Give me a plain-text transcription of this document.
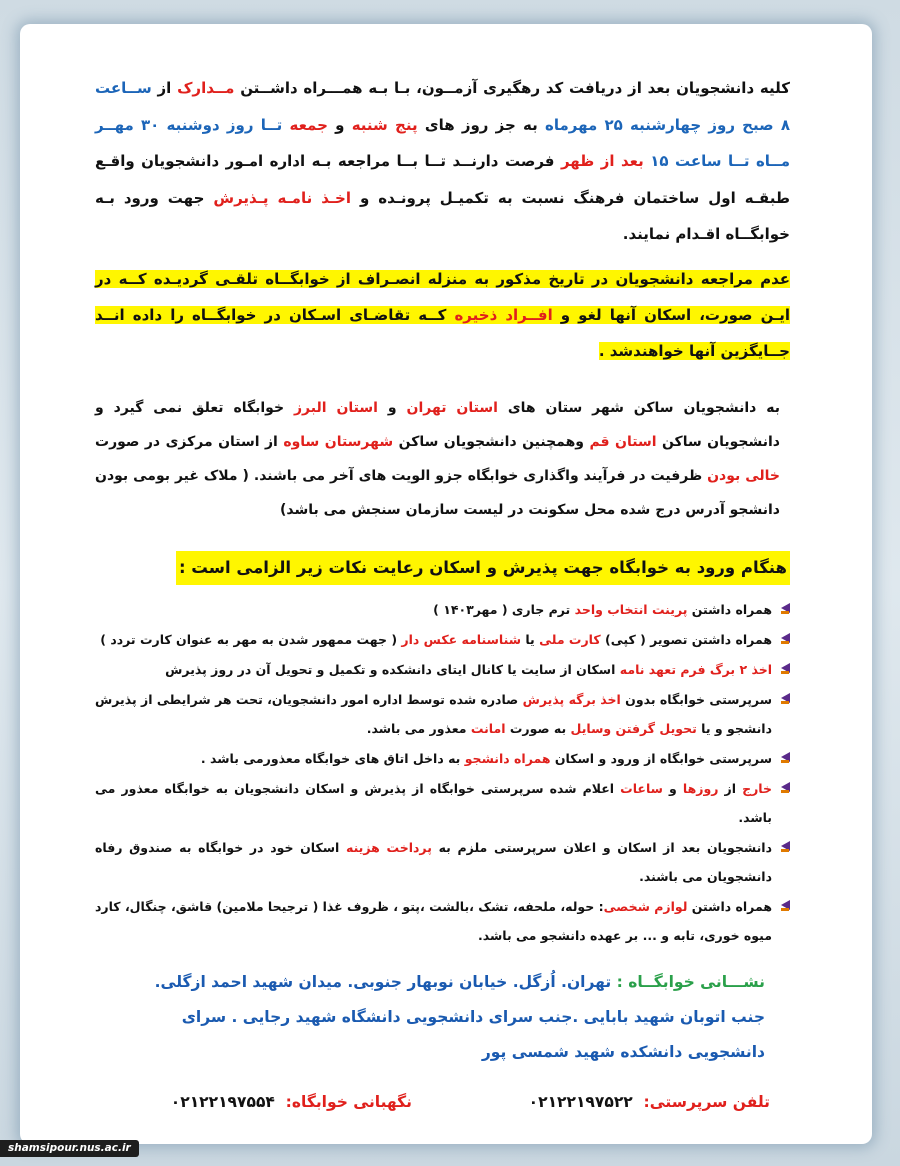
کلیه دانشجویان بعد از دریافت کد رهگیری آزمــون، بـا بـه همـــراه داشــتن مــدارک از ســاعت ۸ صبح روز چهارشنبه ۲۵ مهرماه به جز روز های پنج شنبه و جمعه تــا روز دوشنبه ۳۰ مهــر مــاه تــا ساعت ۱۵ بعد از ظهر فرصت دارنــد تــا بــا مراجعه بـه اداره امـور دانشجویان واقـع طبقـه اول ساختمان فرهنگ نسبت به تکمیـل پرونـده و اخـذ نامـه پـذیرش جهت ورود بـه خوابگــاه اقـدام نمایند.

عدم مراجعه دانشجویان در تاریخ مذکور به منزله انصـراف از خوابگــاه تلقـی گردیـده کــه در ایـن صورت، اسکان آنها لغو و افــراد ذخیره کــه تقاضـای اسـکان در خوابگــاه را داده انــد جــایگزین آنها خواهندشد .

به دانشجویان ساکن شهر ستان های استان تهران و استان البرز خوابگاه تعلق نمی گیرد و دانشجویان ساکن استان قم وهمچنین دانشجویان ساکن شهرستان ساوه از استان مرکزی در صورت خالی بودن ظرفیت در فرآیند واگذاری خوابگاه جزو الویت های آخر می باشند. ( ملاک غیر بومی بودن دانشجو آدرس درج شده محل سکونت در لیست سازمان سنجش می باشد)

هنگام ورود به خوابگاه جهت پذیرش و اسکان رعایت نکات زیر الزامی است :
همراه داشتن پرینت انتخاب واحد ترم جاری ( مهر۱۴۰۳ )
همراه داشتن تصویر ( کپی) کارت ملی یا شناسنامه عکس دار ( جهت ممهور شدن به مهر به عنوان کارت تردد )
اخذ ۲ برگ فرم تعهد نامه اسکان از سایت یا کانال ایتای دانشکده و تکمیل و تحویل آن در روز پذیرش
سرپرستی خوابگاه بدون اخذ برگه پذیرش صادره شده توسط اداره امور دانشجویان، تحت هر شرایطی از پذیرش دانشجو و یا تحویل گرفتن وسایل به صورت امانت معذور می باشد.
سرپرستی خوابگاه از ورود و اسکان همراه دانشجو به داخل اتاق های خوابگاه معذورمی باشد .
خارج از روزها و ساعات اعلام شده سرپرستی خوابگاه از پذیرش و اسکان دانشجویان به خوابگاه معذور می باشد.
دانشجویان بعد از اسکان و اعلان سرپرستی ملزم به پرداخت هزینه اسکان خود در خوابگاه به صندوق رفاه دانشجویان می باشند.
همراه داشتن لوازم شخصی: حوله، ملحفه، تشک ،بالشت ،پتو ، ظروف غذا ( ترجیحا ملامین) قاشق، چنگال، کارد میوه خوری، تابه و ... بر عهده دانشجو می باشد.
نشـــانی خوابگــاه : تهران. اُزگل. خیابان نوبهار جنوبی. میدان شهید احمد ازگلی. جنب اتوبان شهید بابایی .جنب سرای دانشجویی دانشگاه شهید رجایی . سرای دانشجویی دانشکده شهید شمسی پور
تلفن سرپرستی:  ۰۲۱۲۲۱۹۷۵۲۲
نگهبانی خوابگاه:  ۰۲۱۲۲۱۹۷۵۵۴
shamsipour.nus.ac.ir
